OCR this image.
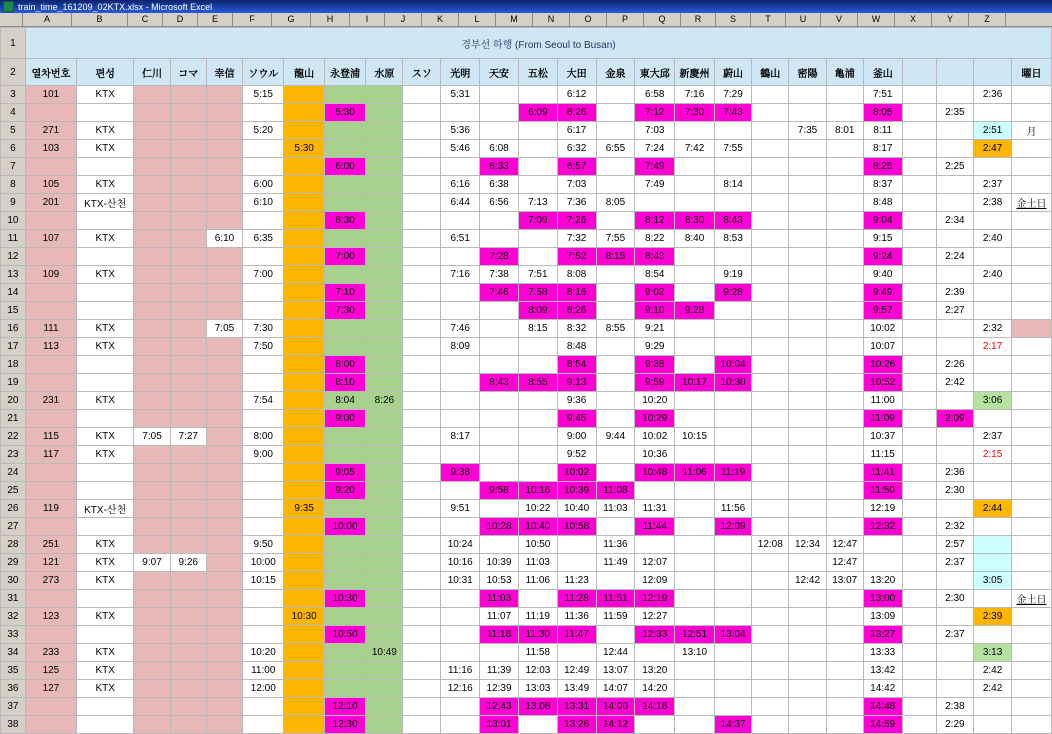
train_time_161209_02KTX.xlsx - Microsoft Excel
A	B	C	D	E	F	G	H	I	J	K	L	M	N	O	P	Q	R	S	T	U	V	W	X	Y	Z
1	경부선 하행 (From Seoul to Busan)																									
2	열차번호	편성	仁川	コマ	幸信	ソウル	龍山	永登浦	水原	スソ	光明	天安	五松	大田	金泉	東大邱	新慶州	蔚山	鶴山	密陽	亀浦	釜山				曜日
3	101	KTX				5:15					5:31			6:12		6:58	7:16	7:29				7:51			2:36	
4								5:30					6:09	6:26		7:12	7:30	7:43				8:05		2:35		
5	271	KTX				5:20					5:36			6:17		7:03				7:35	8:01	8:11			2:51	月
6	103	KTX					5:30				5:46	6:08		6:32	6:55	7:24	7:42	7:55				8:17			2:47	
7								6:00				6:33		6:57		7:49						8:25		2:25		
8	105	KTX				6:00					6:16	6:38		7:03		7:49		8:14				8:37			2:37	
9	201	KTX-산천				6:10					6:44	6:56	7:13	7:36	8:05							8:48			2:38	金土日
10								6:30					7:09	7:26		8:12	8:30	8:43				9:04		2:34		
11	107	KTX			6:10	6:35					6:51			7:32	7:55	8:22	8:40	8:53				9:15			2:40	
12								7:00				7:28		7:52	8:15	8:43						9:24		2:24		
13	109	KTX				7:00					7:16	7:38	7:51	8:08		8:54		9:19				9:40			2:40	
14								7:10				7:46	7:58	8:16		9:02		9:28				9:49		2:39		
15								7:30					8:09	8:26		9:10	9:28					9:57		2:27		
16	111	KTX			7:05	7:30					7:46		8:15	8:32	8:55	9:21						10:02			2:32	
17	113	KTX				7:50					8:09			8:48		9:29						10:07			2:17	
18								8:00						8:54		9:38		10:04				10:26		2:26		
19								8:10				8:43	8:55	9:13		9:59	10:17	10:30				10:52		2:42		
20	231	KTX				7:54		8:04	8:26					9:36		10:20						11:00			3:06	
21								9:00						9:45		10:29						11:09		2:09		
22	115	KTX	7:05	7:27		8:00					8:17			9:00	9:44	10:02	10:15					10:37			2:37	
23	117	KTX				9:00								9:52		10:36						11:15			2:15	
24								9:05			9:38			10:02		10:48	11:06	11:19				11:41		2:36		
25								9:20				9:58	10:16	10:39	11:08							11:50		2:30		
26	119	KTX-산천					9:35				9:51		10:22	10:40	11:03	11:31		11:56				12:19			2:44	
27								10:00				10:28	10:40	10:58		11:44		12:09				12:32		2:32		
28	251	KTX				9:50					10:24		10:50		11:36				12:08	12:34	12:47			2:57		
29	121	KTX	9:07	9:26		10:00					10:16	10:39	11:03		11:49	12:07					12:47			2:37		
30	273	KTX				10:15					10:31	10:53	11:06	11:23		12:09				12:42	13:07	13:20			3:05	
31								10:30				11:03		11:28	11:51	12:19						13:00		2:30		金土日
32	123	KTX					10:30					11:07	11:19	11:36	11:59	12:27						13:09			2:39	
33								10:50				11:18	11:30	11:47		12:33	12:51	13:04				13:27		2:37		
34	233	KTX				10:20			10:49				11:58		12:44		13:10					13:33			3:13	
35	125	KTX				11:00					11:16	11:39	12:03	12:49	13:07	13:20						13:42			2:42	
36	127	KTX				12:00					12:16	12:39	13:03	13:49	14:07	14:20						14:42			2:42	
37								12:10				12:43	13:08	13:31	14:00	14:18						14:48		2:38		
38								12:30				13:01		13:26	14:12			14:37				14:59		2:29		
